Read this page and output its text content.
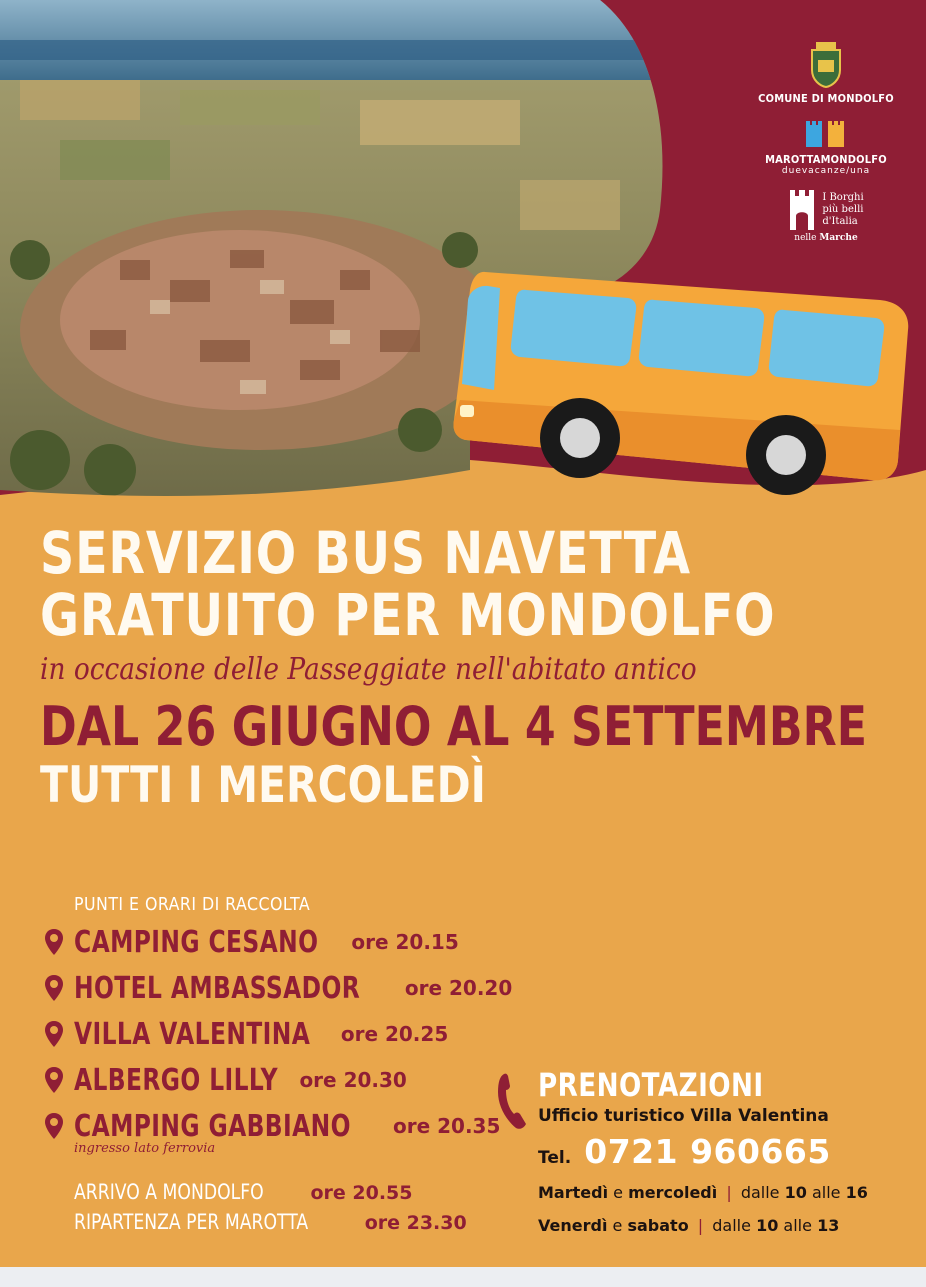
COMUNE DI MONDOLFO
MAROTTAMONDOLFO
duevacanze/una
I Borghi
più belli
d'Italia
nelle Marche
SERVIZIO BUS NAVETTA
GRATUITO PER MONDOLFO
in occasione delle Passeggiate nell'abitato antico
DAL 26 GIUGNO AL 4 SETTEMBRE
TUTTI I MERCOLEDÌ
PUNTI E ORARI DI RACCOLTA
CAMPING CESANO ore 20.15
HOTEL AMBASSADOR ore 20.20
VILLA VALENTINA ore 20.25
ALBERGO LILLY ore 20.30
CAMPING GABBIANO ore 20.35
ingresso lato ferrovia
ARRIVO A MONDOLFO ore 20.55
RIPARTENZA PER MAROTTA	ore 23.30
PRENOTAZIONI
Ufficio turistico Villa Valentina
Tel. 0721 960665
Martedì e mercoledì | dalle 10 alle 16
Venerdì e sabato | dalle 10 alle 13
